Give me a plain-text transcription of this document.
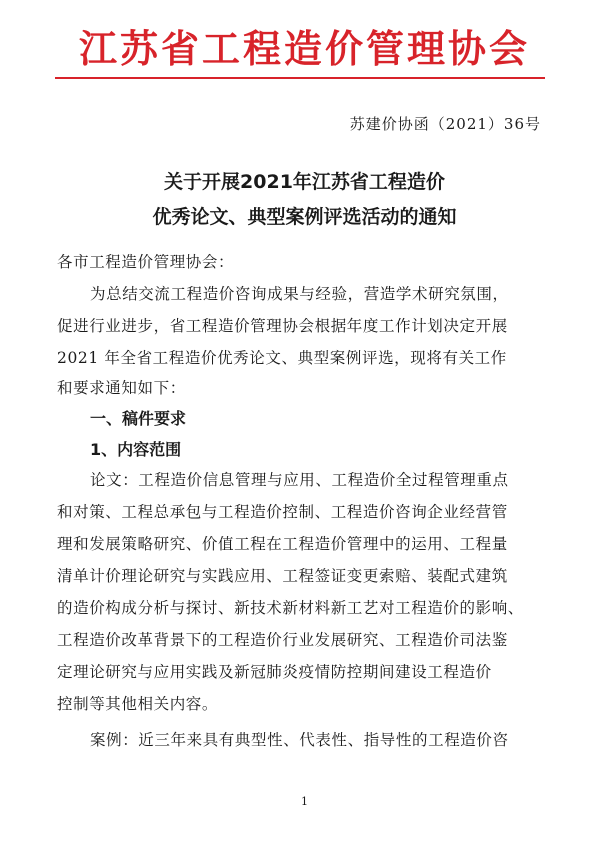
江苏省工程造价管理协会
苏建价协函（2021）36号
关于开展2021年江苏省工程造价
优秀论文、典型案例评选活动的通知
各市工程造价管理协会：
为总结交流工程造价咨询成果与经验，营造学术研究氛围，
促进行业进步，省工程造价管理协会根据年度工作计划决定开展
2021 年全省工程造价优秀论文、典型案例评选，现将有关工作
和要求通知如下：
一、稿件要求
1、内容范围
论文：工程造价信息管理与应用、工程造价全过程管理重点
和对策、工程总承包与工程造价控制、工程造价咨询企业经营管
理和发展策略研究、价值工程在工程造价管理中的运用、工程量
清单计价理论研究与实践应用、工程签证变更索赔、装配式建筑
的造价构成分析与探讨、新技术新材料新工艺对工程造价的影响、
工程造价改革背景下的工程造价行业发展研究、工程造价司法鉴
定理论研究与应用实践及新冠肺炎疫情防控期间建设工程造价
控制等其他相关内容。
案例：近三年来具有典型性、代表性、指导性的工程造价咨
1
